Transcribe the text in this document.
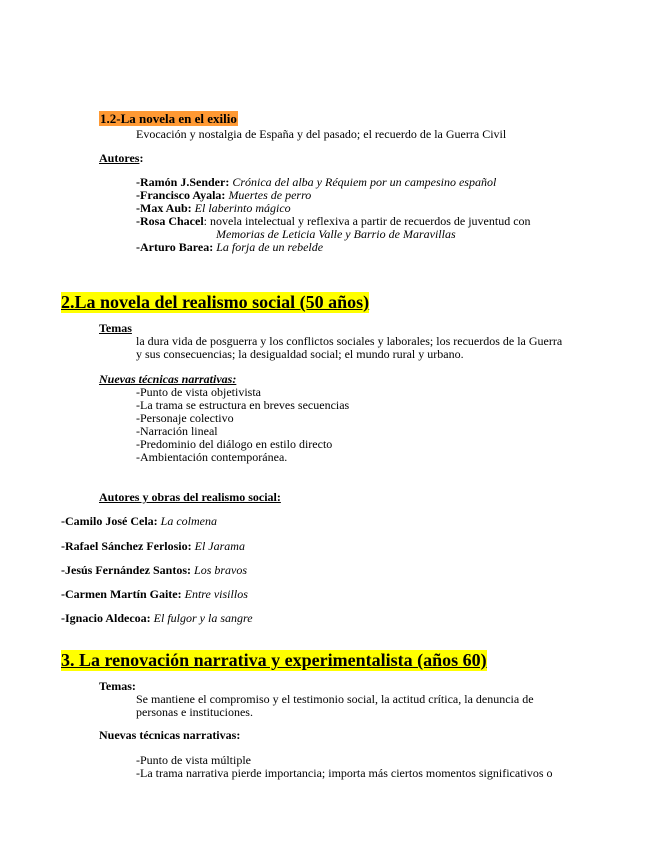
1.2-La novela en el exilio
Evocación y nostalgia de España y del pasado; el recuerdo de la Guerra Civil
Autores:
-Ramón J.Sender: Crónica del alba y Réquiem por un campesino español
-Francisco Ayala: Muertes de perro
-Max Aub: El laberinto mágico
-Rosa Chacel: novela intelectual y reflexiva a partir de recuerdos de juventud con
Memorias de Leticia Valle y Barrio de Maravillas
-Arturo Barea: La forja de un rebelde
2.La novela del realismo social (50 años)
Temas
la dura vida de posguerra y los conflictos sociales y laborales; los recuerdos de la Guerra
y sus consecuencias; la desigualdad social; el mundo rural y urbano.
Nuevas técnicas narrativas:
-Punto de vista objetivista
-La trama se estructura en breves secuencias
-Personaje colectivo
-Narración lineal
-Predominio del diálogo en estilo directo
-Ambientación contemporánea.
Autores y obras del realismo social:
-Camilo José Cela: La colmena
-Rafael Sánchez Ferlosio: El Jarama
-Jesús Fernández Santos: Los bravos
-Carmen Martín Gaite: Entre visillos
-Ignacio Aldecoa: El fulgor y la sangre
3. La renovación narrativa y experimentalista (años 60)
Temas:
Se mantiene el compromiso y el testimonio social, la actitud crítica, la denuncia de
personas e instituciones.
Nuevas técnicas narrativas:
-Punto de vista múltiple
-La trama narrativa pierde importancia; importa más ciertos momentos significativos o
